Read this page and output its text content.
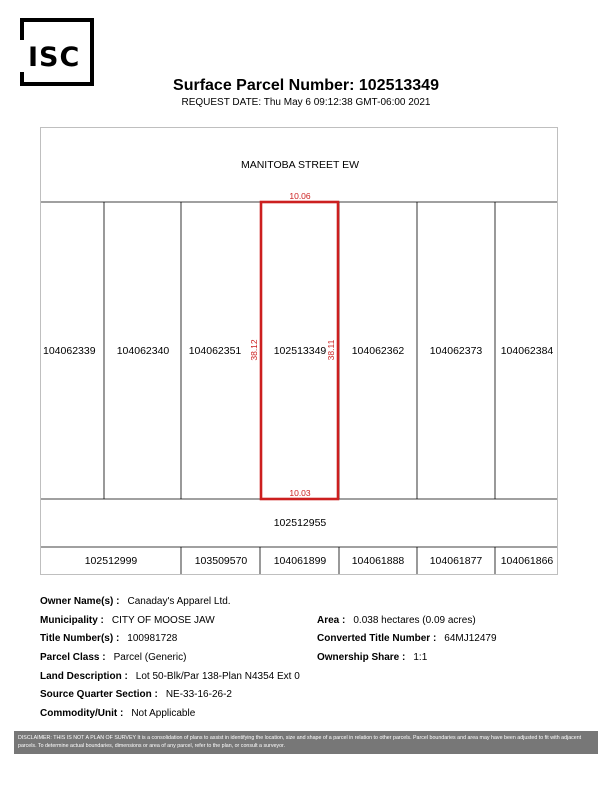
ISC
Surface Parcel Number: 102513349
REQUEST DATE: Thu May 6 09:12:38 GMT-06:00 2021
MANITOBA STREET EW
104062339 104062340 104062351	102513349 104062362 104062373 104062384
10.06
10.03
38.12	38.11
102512955
102512999	103509570	104061899 104061888 104061877 104061866
Owner Name(s) : Canaday's Apparel Ltd.
Municipality : CITY OF MOOSE JAW
Title Number(s) : 100981728
Parcel Class : Parcel (Generic)
Land Description : Lot 50-Blk/Par 138-Plan N4354 Ext 0
Source Quarter Section : NE-33-16-26-2
Commodity/Unit : Not Applicable
Area : 0.038 hectares (0.09 acres)
Converted Title Number : 64MJ12479
Ownership Share : 1:1
DISCLAIMER: THIS IS NOT A PLAN OF SURVEY It is a consolidation of plans to assist in identifying the location, size and shape of a parcel in relation to other parcels. Parcel boundaries and area may have been adjusted to fit with adjacent parcels. To determine actual boundaries, dimensions or area of any parcel, refer to the plan, or consult a surveyor.
